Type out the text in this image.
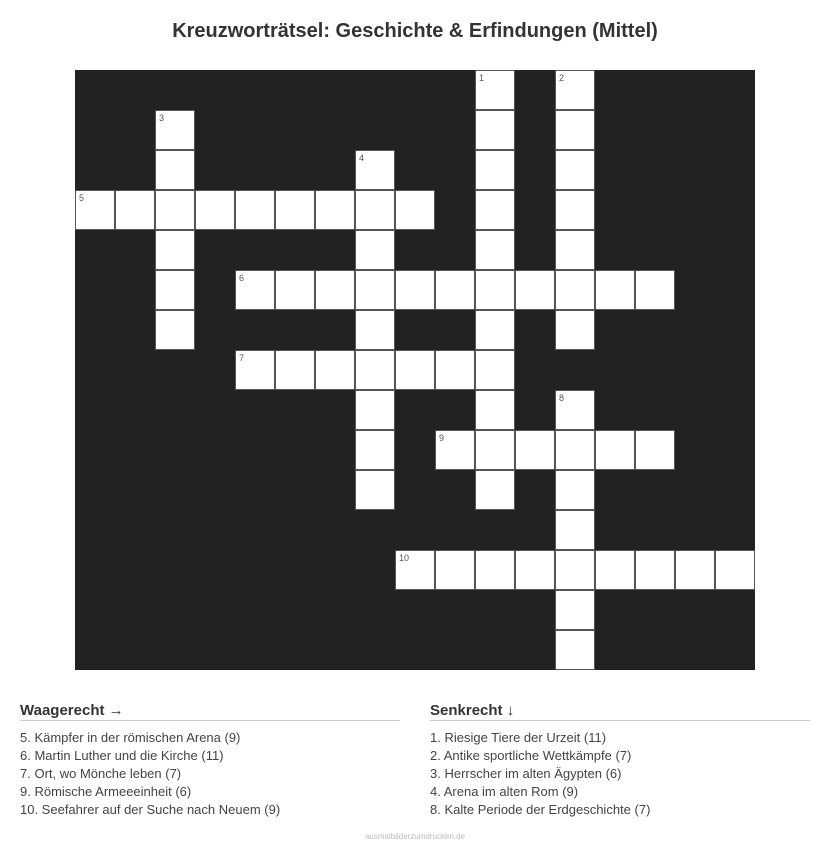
Kreuzworträtsel: Geschichte & Erfindungen (Mittel)
1	2
3
4
5
6
7
8
9
10
Waagerecht →
5. Kämpfer in der römischen Arena (9)
6. Martin Luther und die Kirche (11)
7. Ort, wo Mönche leben (7)
9. Römische Armeeeinheit (6)
10. Seefahrer auf der Suche nach Neuem (9)
Senkrecht ↓
1. Riesige Tiere der Urzeit (11)
2. Antike sportliche Wettkämpfe (7)
3. Herrscher im alten Ägypten (6)
4. Arena im alten Rom (9)
8. Kalte Periode der Erdgeschichte (7)
ausmalbilderzumdrucken.de
